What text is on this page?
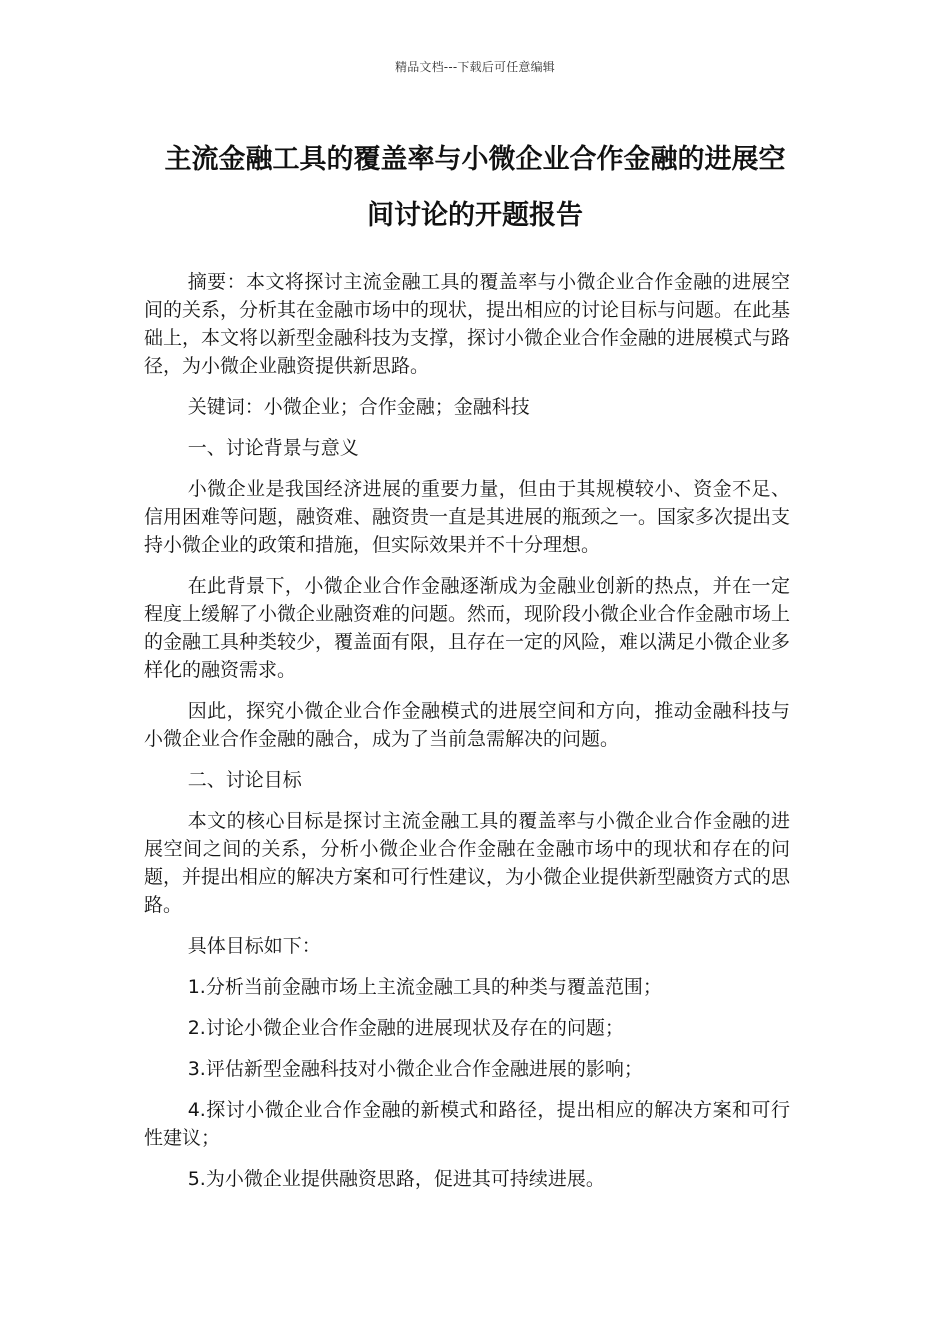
精品文档---下载后可任意编辑
主流金融工具的覆盖率与小微企业合作金融的进展空
间讨论的开题报告

摘要：本文将探讨主流金融工具的覆盖率与小微企业合作金融的进展空间的关系，分析其在金融市场中的现状，提出相应的讨论目标与问题。在此基础上，本文将以新型金融科技为支撑，探讨小微企业合作金融的进展模式与路径，为小微企业融资提供新思路。

关键词：小微企业；合作金融；金融科技

一、讨论背景与意义

小微企业是我国经济进展的重要力量，但由于其规模较小、资金不足、信用困难等问题，融资难、融资贵一直是其进展的瓶颈之一。国家多次提出支持小微企业的政策和措施，但实际效果并不十分理想。

在此背景下，小微企业合作金融逐渐成为金融业创新的热点，并在一定程度上缓解了小微企业融资难的问题。然而，现阶段小微企业合作金融市场上的金融工具种类较少，覆盖面有限，且存在一定的风险，难以满足小微企业多样化的融资需求。

因此，探究小微企业合作金融模式的进展空间和方向，推动金融科技与小微企业合作金融的融合，成为了当前急需解决的问题。

二、讨论目标

本文的核心目标是探讨主流金融工具的覆盖率与小微企业合作金融的进展空间之间的关系，分析小微企业合作金融在金融市场中的现状和存在的问题，并提出相应的解决方案和可行性建议，为小微企业提供新型融资方式的思路。

具体目标如下：

1.分析当前金融市场上主流金融工具的种类与覆盖范围；

2.讨论小微企业合作金融的进展现状及存在的问题；

3.评估新型金融科技对小微企业合作金融进展的影响；

4.探讨小微企业合作金融的新模式和路径，提出相应的解决方案和可行性建议；

5.为小微企业提供融资思路，促进其可持续进展。
